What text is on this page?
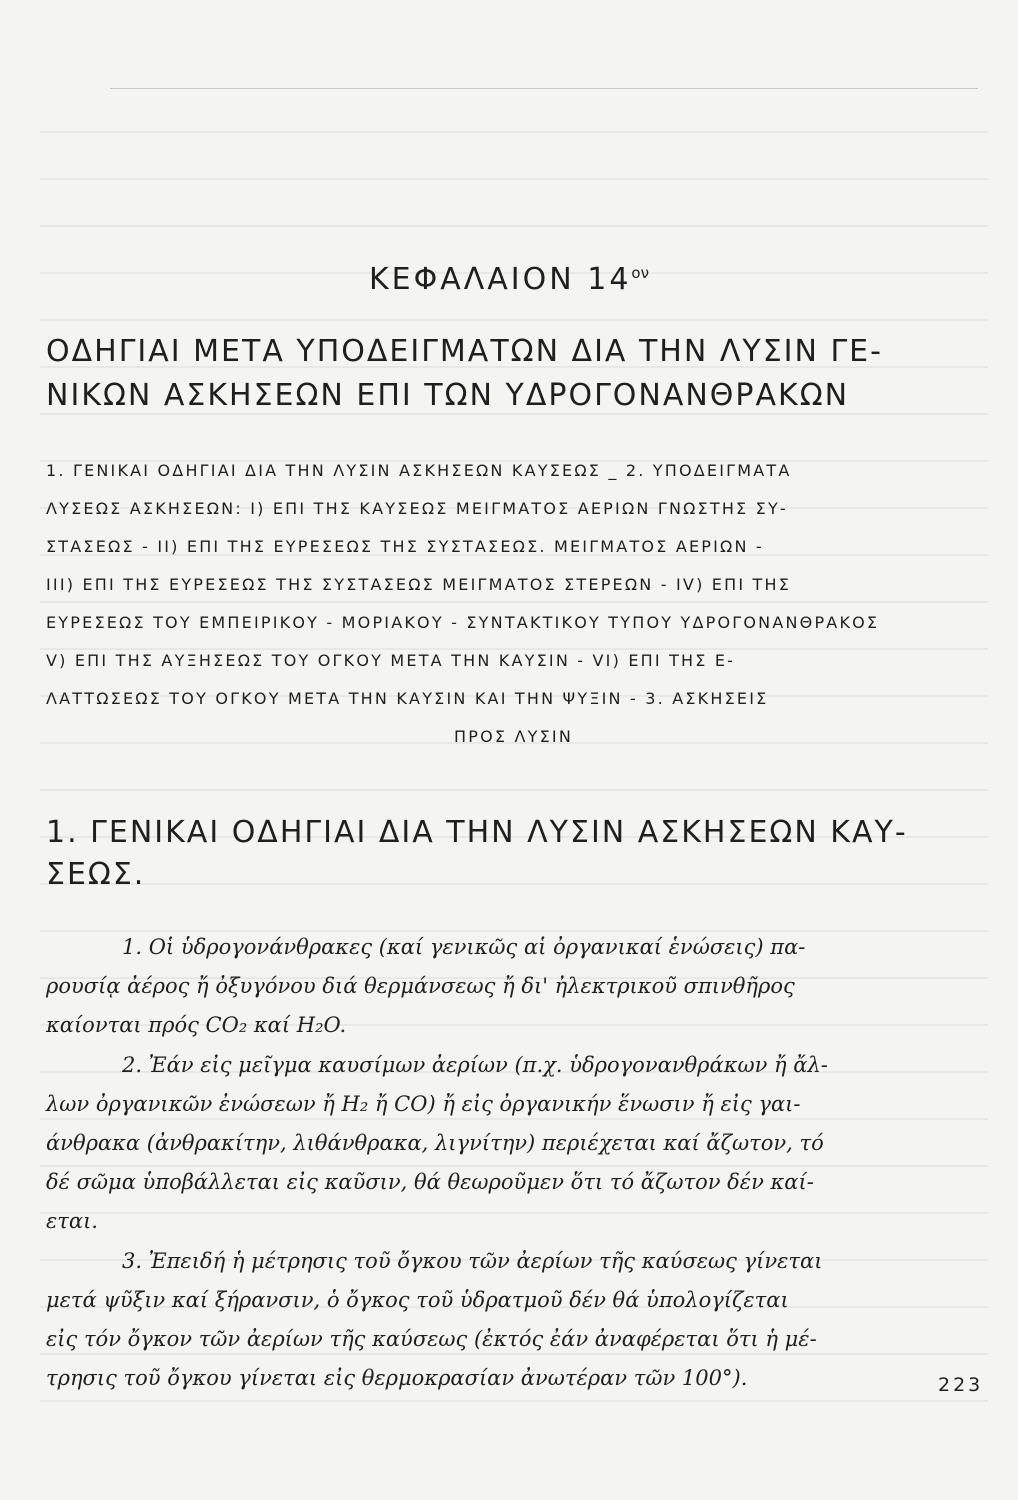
ΚΕΦΑΛΑΙΟΝ $14^{o\nu}$
ΟΔΗΓΙΑΙ ΜΕΤΑ ΥΠΟΔΕΙΓΜΑΤΩΝ ΔΙΑ ΤΗΝ ΛΥΣΙΝ ΓΕ-
ΝΙΚΩΝ ΑΣΚΗΣΕΩΝ ΕΠΙ ΤΩΝ ΥΔΡΟΓΟΝΑΝΘΡΑΚΩΝ
1. ΓΕΝΙΚΑΙ ΟΔΗΓΙΑΙ ΔΙΑ ΤΗΝ ΛΥΣΙΝ ΑΣΚΗΣΕΩΝ ΚΑΥΣΕΩΣ _ 2. ΥΠΟΔΕΙΓΜΑΤΑ
ΛΥΣΕΩΣ ΑΣΚΗΣΕΩΝ: I) ΕΠΙ ΤΗΣ ΚΑΥΣΕΩΣ ΜΕΙΓΜΑΤΟΣ ΑΕΡΙΩΝ ΓΝΩΣΤΗΣ ΣΥ-
ΣΤΑΣΕΩΣ - II) ΕΠΙ ΤΗΣ ΕΥΡΕΣΕΩΣ ΤΗΣ ΣΥΣΤΑΣΕΩΣ. ΜΕΙΓΜΑΤΟΣ ΑΕΡΙΩΝ -
III) ΕΠΙ ΤΗΣ ΕΥΡΕΣΕΩΣ ΤΗΣ ΣΥΣΤΑΣΕΩΣ ΜΕΙΓΜΑΤΟΣ ΣΤΕΡΕΩΝ - IV) ΕΠΙ ΤΗΣ
ΕΥΡΕΣΕΩΣ ΤΟΥ ΕΜΠΕΙΡΙΚΟΥ - ΜΟΡΙΑΚΟΥ - ΣΥΝΤΑΚΤΙΚΟΥ ΤΥΠΟΥ ΥΔΡΟΓΟΝΑΝΘΡΑΚΟΣ
V) ΕΠΙ ΤΗΣ ΑΥΞΗΣΕΩΣ ΤΟΥ ΟΓΚΟΥ ΜΕΤΑ ΤΗΝ ΚΑΥΣΙΝ - VI) ΕΠΙ ΤΗΣ Ε-
ΛΑΤΤΩΣΕΩΣ ΤΟΥ ΟΓΚΟΥ ΜΕΤΑ ΤΗΝ ΚΑΥΣΙΝ ΚΑΙ ΤΗΝ ΨΥΞΙΝ - 3. ΑΣΚΗΣΕΙΣ
ΠΡΟΣ ΛΥΣΙΝ
1. ΓΕΝΙΚΑΙ ΟΔΗΓΙΑΙ ΔΙΑ ΤΗΝ ΛΥΣΙΝ ΑΣΚΗΣΕΩΝ ΚΑΥ-
ΣΕΩΣ.

1. Οἱ ὑδρογονάνθρακες (καί γενικῶς αἱ ὀργανικαί ἑνώσεις) πα-
ρουσίᾳ ἀέρος ἤ ὀξυγόνου διά θερμάνσεως ἤ δι' ἠλεκτρικοῦ σπινθῆρος
καίονται πρός CO₂ καί H₂O.

2. Ἐάν εἰς μεῖγμα καυσίμων ἀερίων (π.χ. ὑδρογονανθράκων ἤ ἄλ-
λων ὀργανικῶν ἐνώσεων ἤ H₂ ἤ CO) ἤ εἰς ὀργανικήν ἕνωσιν ἤ εἰς γαι-
άνθρακα (ἀνθρακίτην, λιθάνθρακα, λιγνίτην) περιέχεται καί ἄζωτον, τό
δέ σῶμα ὑποβάλλεται εἰς καῦσιν, θά θεωροῦμεν ὅτι τό ἄζωτον δέν καί-
εται.

3. Ἐπειδή ἡ μέτρησις τοῦ ὄγκου τῶν ἀερίων τῆς καύσεως γίνεται
μετά ψῦξιν καί ξήρανσιν, ὁ ὄγκος τοῦ ὑδρατμοῦ δέν θά ὑπολογίζεται
εἰς τόν ὄγκον τῶν ἀερίων τῆς καύσεως (ἐκτός ἐάν ἀναφέρεται ὅτι ἡ μέ-
τρησις τοῦ ὄγκου γίνεται εἰς θερμοκρασίαν ἀνωτέραν τῶν 100°).	223
